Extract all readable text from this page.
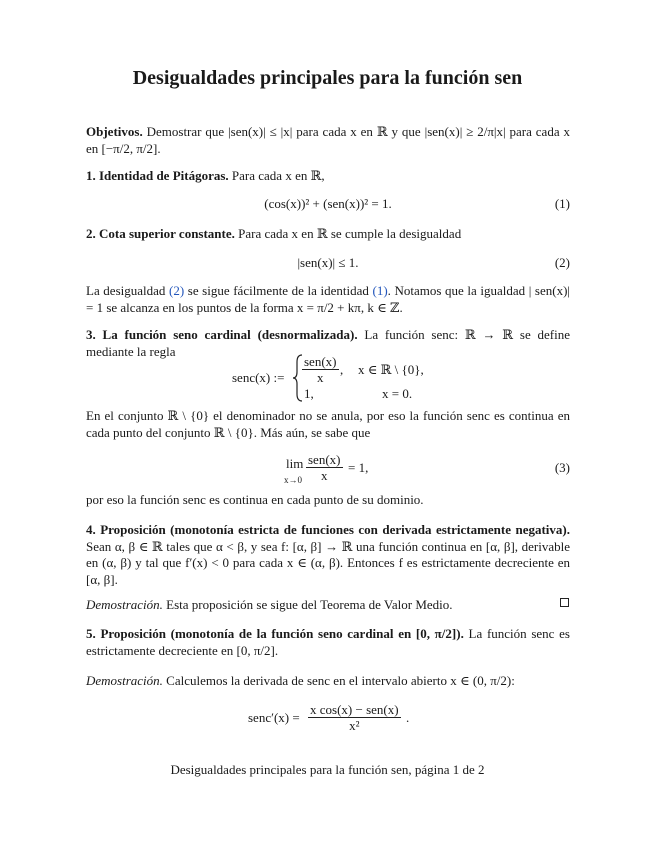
Desigualdades principales para la función sen
Objetivos. Demostrar que |sen(x)| ≤ |x| para cada x en ℝ y que |sen(x)| ≥ 2/π|x| para cada x en [−π/2, π/2].
1. Identidad de Pitágoras. Para cada x en ℝ,
(cos(x))² + (sen(x))² = 1.	(1)
2. Cota superior constante. Para cada x en ℝ se cumple la desigualdad
|sen(x)| ≤ 1.	(2)
La desigualdad (2) se sigue fácilmente de la identidad (1). Notamos que la igualdad | sen(x)| = 1 se alcanza en los puntos de la forma x = π/2 + kπ, k ∈ ℤ.
3. La función seno cardinal (desnormalizada). La función senc: ℝ → ℝ se define mediante la regla
senc(x) :=
sen(x)
x
, x ∈ ℝ \ {0},
1,	x = 0.
En el conjunto ℝ \ {0} el denominador no se anula, por eso la función senc es continua en cada punto del conjunto ℝ \ {0}. Más aún, se sabe que
lim
x→0
sen(x)
x
= 1,	(3)
por eso la función senc es continua en cada punto de su dominio.
4. Proposición (monotonía estricta de funciones con derivada estrictamente negativa). Sean α, β ∈ ℝ tales que α < β, y sea f: [α, β] → ℝ una función continua en [α, β], derivable en (α, β) y tal que f′(x) < 0 para cada x ∈ (α, β). Entonces f es estrictamente decreciente en [α, β].
Demostración. Esta proposición se sigue del Teorema de Valor Medio.
5. Proposición (monotonía de la función seno cardinal en [0, π/2]). La función senc es estrictamente decreciente en [0, π/2].
Demostración. Calculemos la derivada de senc en el intervalo abierto x ∈ (0, π/2):
senc′(x) =
x cos(x) − sen(x)
x²
.
Desigualdades principales para la función sen, página 1 de 2
